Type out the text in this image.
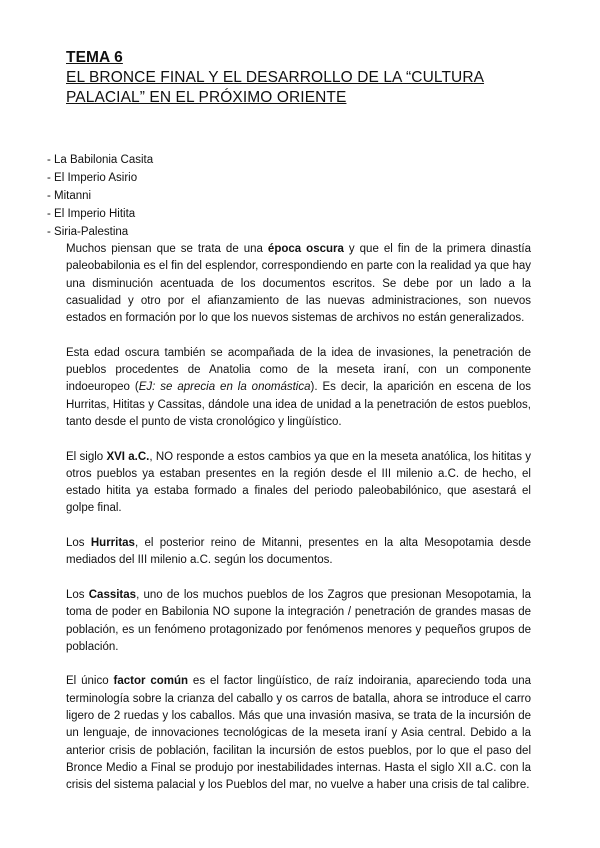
TEMA 6
EL BRONCE FINAL Y EL DESARROLLO DE LA “CULTURA
PALACIAL” EN EL PRÓXIMO ORIENTE
- La Babilonia Casita
- El Imperio Asirio
- Mitanni
- El Imperio Hitita
- Siria-Palestina

Muchos piensan que se trata de una época oscura y que el fin de la primera dinastía paleobabilonia es el fin del esplendor, correspondiendo en parte con la realidad ya que hay una disminución acentuada de los documentos escritos. Se debe por un lado a la casualidad y otro por el afianzamiento de las nuevas administraciones, son nuevos estados en formación por lo que los nuevos sistemas de archivos no están generalizados.

Esta edad oscura también se acompañada de la idea de invasiones, la penetración de pueblos procedentes de Anatolia como de la meseta iraní, con un componente indoeuropeo (EJ: se aprecia en la onomástica). Es decir, la aparición en escena de los Hurritas, Hititas y Cassitas, dándole una idea de unidad a la penetración de estos pueblos, tanto desde el punto de vista cronológico y lingüístico.

El siglo XVI a.C., NO responde a estos cambios ya que en la meseta anatólica, los hititas y otros pueblos ya estaban presentes en la región desde el III milenio a.C. de hecho, el estado hitita ya estaba formado a finales del periodo paleobabilónico, que asestará el golpe final.

Los Hurritas, el posterior reino de Mitanni, presentes en la alta Mesopotamia desde mediados del III milenio a.C. según los documentos.

Los Cassitas, uno de los muchos pueblos de los Zagros que presionan Mesopotamia, la toma de poder en Babilonia NO supone la integración / penetración de grandes masas de población, es un fenómeno protagonizado por fenómenos menores y pequeños grupos de población.

El único factor común es el factor lingüístico, de raíz indoirania, apareciendo toda una terminología sobre la crianza del caballo y os carros de batalla, ahora se introduce el carro ligero de 2 ruedas y los caballos. Más que una invasión masiva, se trata de la incursión de un lenguaje, de innovaciones tecnológicas de la meseta iraní y Asia central. Debido a la anterior crisis de población, facilitan la incursión de estos pueblos, por lo que el paso del Bronce Medio a Final se produjo por inestabilidades internas. Hasta el siglo XII a.C. con la crisis del sistema palacial y los Pueblos del mar, no vuelve a haber una crisis de tal calibre.
